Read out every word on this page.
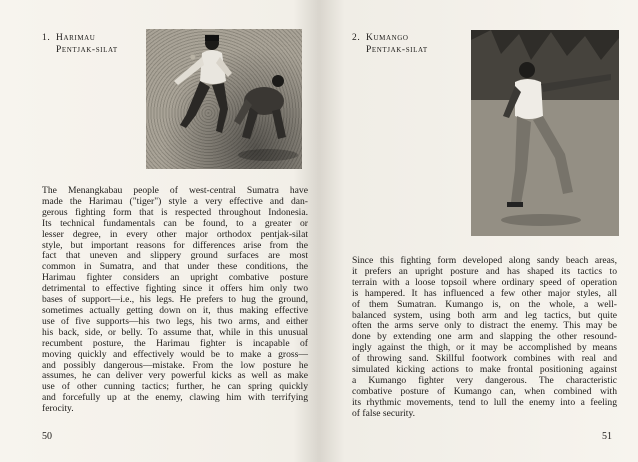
1. Harimau
Pentjak-silat
The Menangkabau people of west-central Sumatra have
made the Harimau ("tiger") style a very effective and dan-
gerous fighting form that is respected throughout Indonesia.
Its technical fundamentals can be found, to a greater or
lesser degree, in every other major orthodox pentjak-silat
style, but important reasons for differences arise from the
fact that uneven and slippery ground surfaces are most
common in Sumatra, and that under these conditions, the
Harimau fighter considers an upright combative posture
detrimental to effective fighting since it offers him only two
bases of support—i.e., his legs. He prefers to hug the ground,
sometimes actually getting down on it, thus making effective
use of five supports—his two legs, his two arms, and either
his back, side, or belly. To assume that, while in this unusual
recumbent posture, the Harimau fighter is incapable of
moving quickly and effectively would be to make a gross—
and possibly dangerous—mistake. From the low posture he
assumes, he can deliver very powerful kicks as well as make
use of other cunning tactics; further, he can spring quickly
and forcefully up at the enemy, clawing him with terrifying
ferocity.
50
2. Kumango
Pentjak-silat
Since this fighting form developed along sandy beach areas,
it prefers an upright posture and has shaped its tactics to
terrain with a loose topsoil where ordinary speed of operation
is hampered. It has influenced a few other major styles, all
of them Sumatran. Kumango is, on the whole, a well-
balanced system, using both arm and leg tactics, but quite
often the arms serve only to distract the enemy. This may be
done by extending one arm and slapping the other resound-
ingly against the thigh, or it may be accomplished by means
of throwing sand. Skillful footwork combines with real and
simulated kicking actions to make frontal positioning against
a Kumango fighter very dangerous. The characteristic
combative posture of Kumango can, when combined with
its rhythmic movements, tend to lull the enemy into a feeling
of false security.
51
